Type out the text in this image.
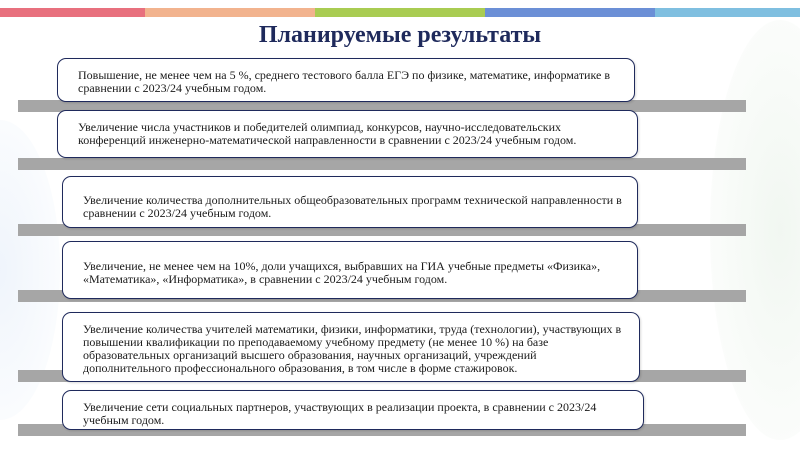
Планируемые результаты
Повышение, не менее чем на 5 %, среднего тестового балла ЕГЭ по физике, математике, информатике в сравнении с 2023/24 учебным годом.
Увеличение числа участников и победителей олимпиад, конкурсов, научно-исследовательских конференций инженерно-математической направленности в сравнении с 2023/24 учебным годом.
Увеличение количества дополнительных общеобразовательных программ технической направленности в сравнении с 2023/24 учебным годом.
Увеличение, не менее чем на 10%, доли учащихся, выбравших на ГИА учебные предметы «Физика», «Математика», «Информатика», в сравнении с 2023/24 учебным годом.
Увеличение количества учителей математики, физики, информатики, труда (технологии), участвующих в повышении квалификации по преподаваемому учебному предмету (не менее 10 %) на базе образовательных организаций высшего образования, научных организаций, учреждений дополнительного профессионального образования, в том числе в форме стажировок.
Увеличение сети социальных партнеров, участвующих в реализации проекта, в сравнении с 2023/24 учебным годом.
